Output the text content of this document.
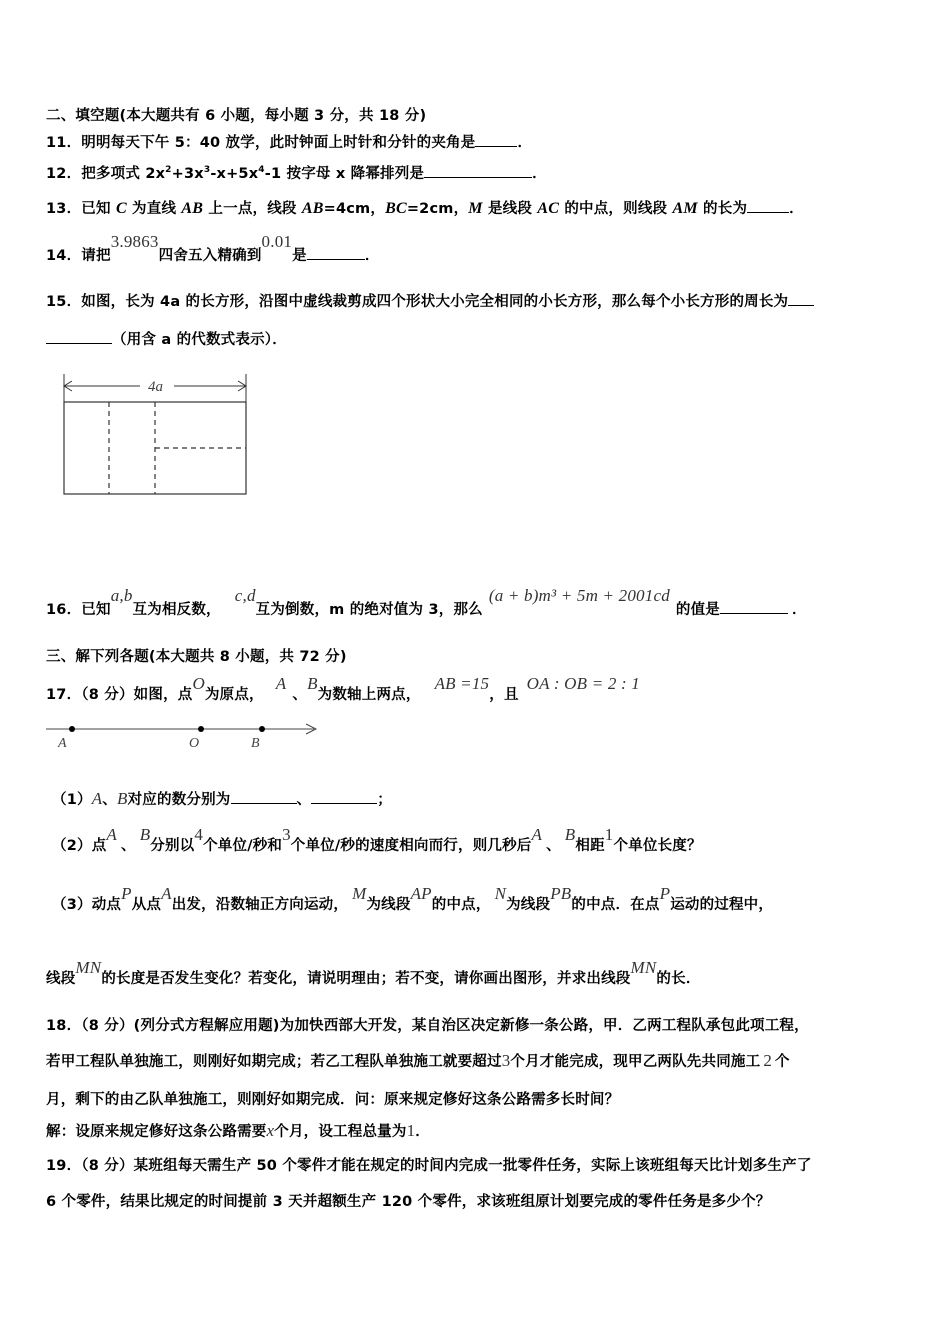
二、填空题(本大题共有 6 小题，每小题 3 分，共 18 分)
11．明明每天下午 5：40 放学，此时钟面上时针和分针的夹角是	．
12．把多项式 $2x^2+3x^3-x+5x^4-1$ 按字母 x 降幂排列是	．
13．已知 C 为直线 AB 上一点，线段 AB=4cm，BC=2cm，M 是线段 AC 的中点，则线段 AM 的长为	．
14．请把3.9863四舍五入精确到0.01是	．
15．如图，长为 4a 的长方形，沿图中虚线裁剪成四个形状大小完全相同的小长方形，那么每个小长方形的周长为
（用含 a 的代数式表示）．
4a
16．已知a,b互为相反数，c,d互为倒数，m 的绝对值为 3，那么(a + b)m³ + 5m + 2001cd的值是	．
三、解下列各题(本大题共 8 小题，共 72 分)
17．（8 分）如图，点O为原点，A、B为数轴上两点，AB =15，且OA : OB = 2 : 1
A	O	B
（1）A、B对应的数分别为	、	；
（2）点A、B分别以4个单位/秒和3个单位/秒的速度相向而行，则几秒后A、B相距1个单位长度？
（3）动点P从点A出发，沿数轴正方向运动，M为线段AP的中点，N为线段PB的中点．在点P运动的过程中，
线段MN的长度是否发生变化？若变化，请说明理由；若不变，请你画出图形，并求出线段MN的长．
18．（8 分）(列分式方程解应用题)为加快西部大开发，某自治区决定新修一条公路，甲．乙两工程队承包此项工程，
若甲工程队单独施工，则刚好如期完成；若乙工程队单独施工就要超过3个月才能完成，现甲乙两队先共同施工 2 个
月，剩下的由乙队单独施工，则刚好如期完成．问：原来规定修好这条公路需多长时间？
解：设原来规定修好这条公路需要x个月，设工程总量为1．
19．（8 分）某班组每天需生产 50 个零件才能在规定的时间内完成一批零件任务，实际上该班组每天比计划多生产了
6 个零件，结果比规定的时间提前 3 天并超额生产 120 个零件，求该班组原计划要完成的零件任务是多少个？
